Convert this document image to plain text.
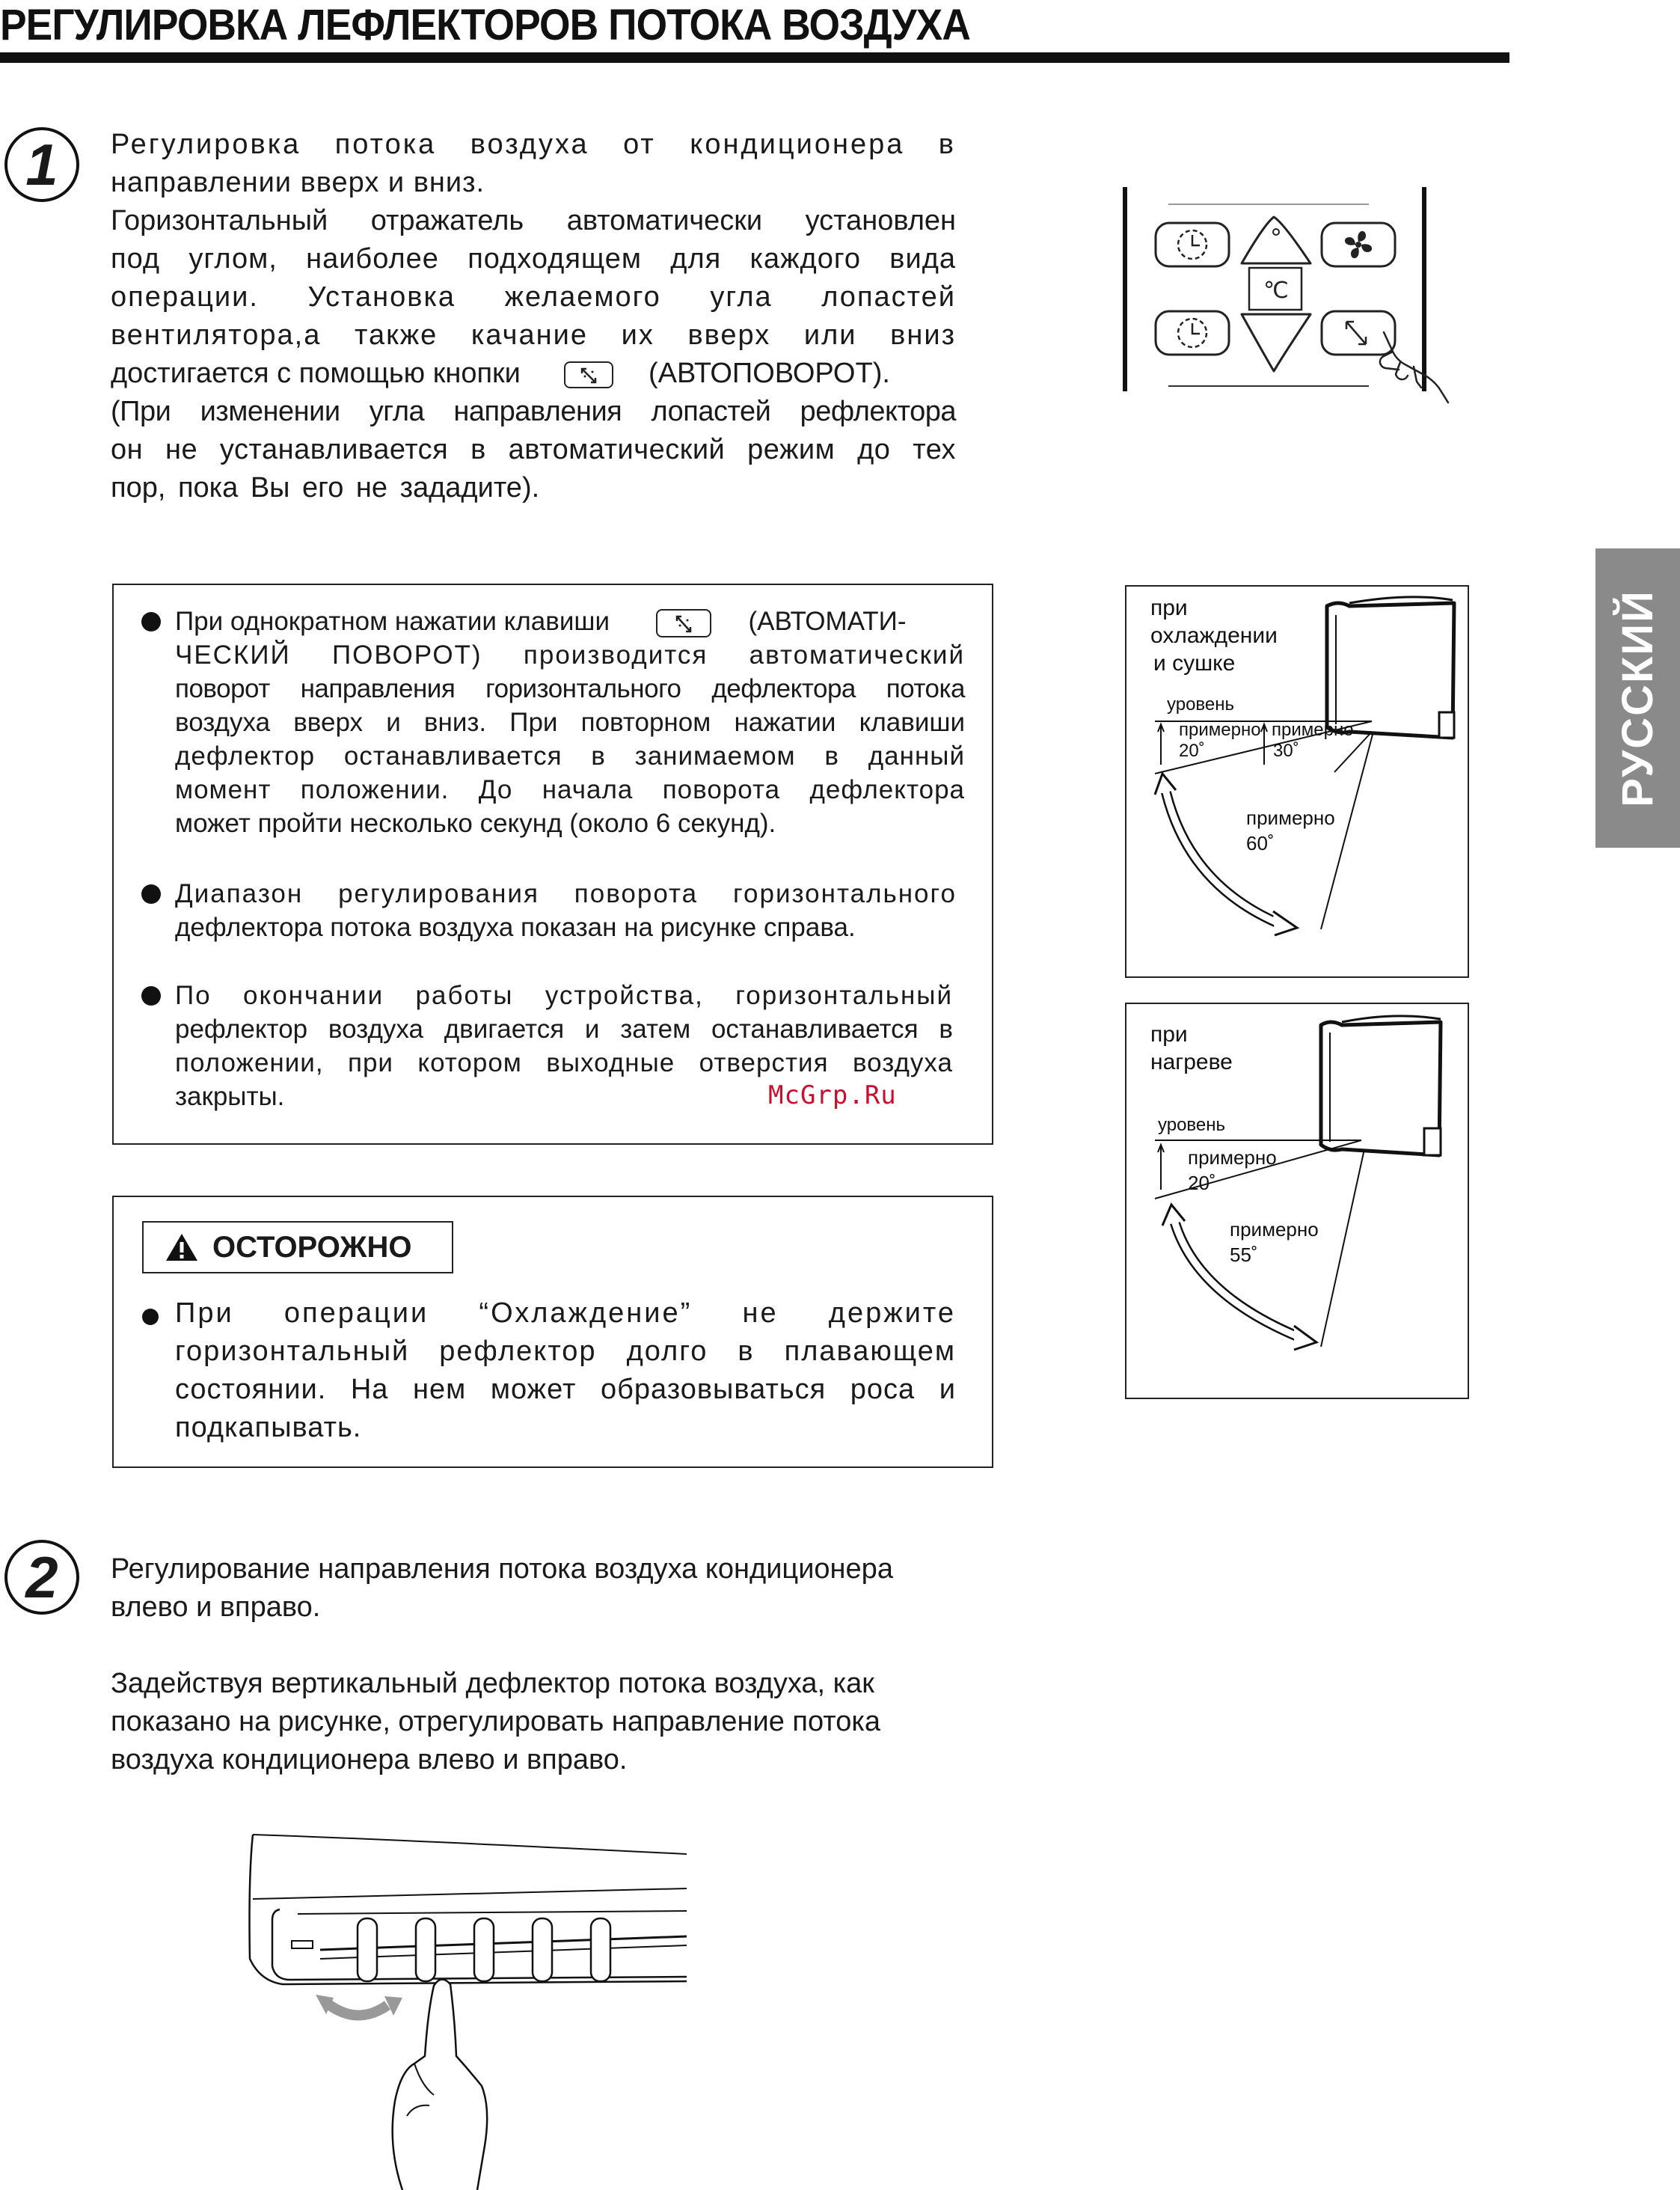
РЕГУЛИРОВКА ЛЕФЛЕКТОРОВ ПОТОКА ВОЗДУХА
РУССКИЙ
1	Регулировка потока воздуха от кондиционера в
направлении вверх и вниз.
Горизонтальный отражатель автоматически установлен
под углом, наиболее подходящем для каждого вида
операции. Установка желаемого угла лопастей
вентилятора,а также качание их вверх или вниз
достигается с помощью кнопки	(АВТОПОВОРОТ).
(При изменении угла направления лопастей рефлектора
он не устанавливается в автоматический режим до тех
пор, пока Вы его не зададите).
℃
При однократном нажатии клавиши	(АВТОМАТИ-
ЧЕСКИЙ ПОВОРОТ) производится автоматический
поворот направления горизонтального дефлектора потока
воздуха вверх и вниз. При повторном нажатии клавиши
дефлектор останавливается в занимаемом в данный
момент положении. До начала поворота дефлектора
может пройти несколько секунд (около 6 секунд).
Диапазон регулирования поворота горизонтального
дефлектора потока воздуха показан на рисунке справа.
По окончании работы устройства, горизонтальный
рефлектор воздуха двигается и затем останавливается в
положении, при котором выходные отверстия воздуха
закрыты.	McGrp.Ru
ОСТОРОЖНО
При операции “Охлаждение” не держите
горизонтальный рефлектор долго в плавающем
состоянии. На нем может образовываться роса и
подкапывать.
при
охлаждении
и сушке
уровень
примерно
20˚
примерно
30˚
примерно
60˚
при
нагреве
уровень
примерно
20˚
примерно
55˚
2	Регулирование направления потока воздуха кондиционера
влево и вправо.
Задействуя вертикальный дефлектор потока воздуха, как
показано на рисунке, отрегулировать направление потока
воздуха кондиционера влево и вправо.
